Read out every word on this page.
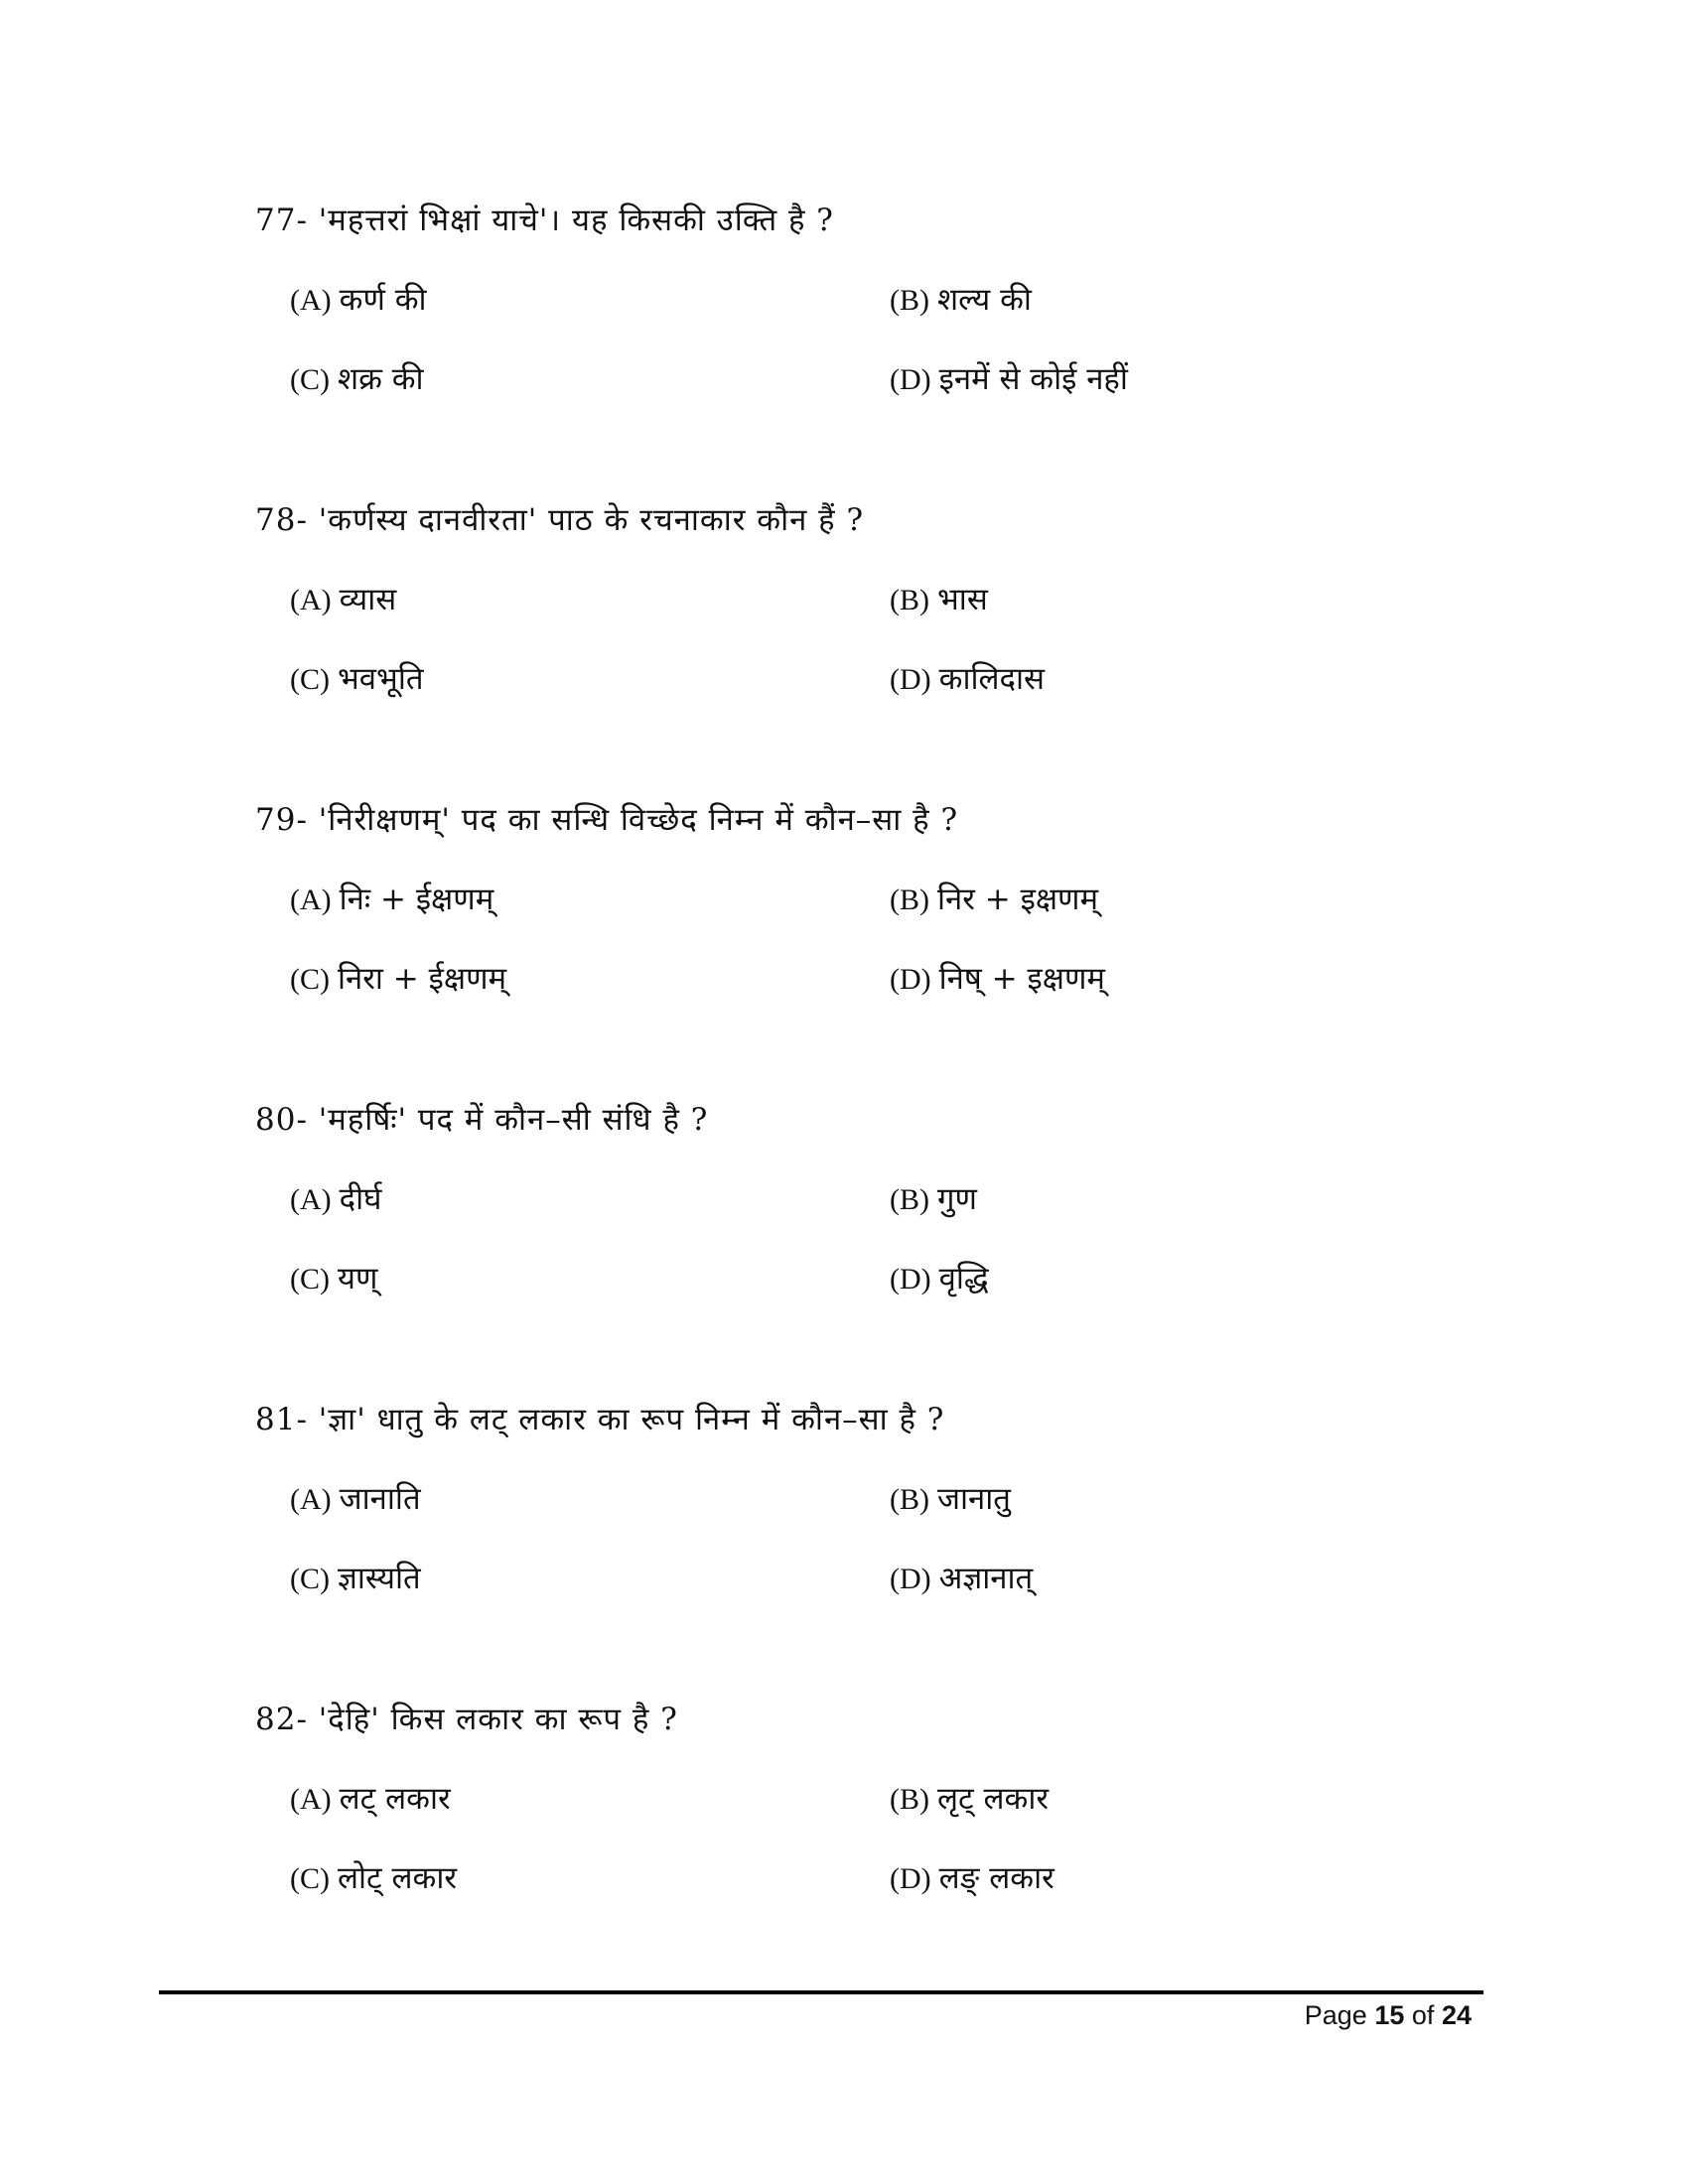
77- 'महत्तरां भिक्षां याचे'। यह किसकी उक्ति है ?
(A) कर्ण की	(B) शल्य की
(C) शक्र की	(D) इनमें से कोई नहीं
78- 'कर्णस्य दानवीरता' पाठ के रचनाकार कौन हैं ?
(A) व्यास	(B) भास
(C) भवभूति	(D) कालिदास
79- 'निरीक्षणम्' पद का सन्धि विच्छेद निम्न में कौन–सा है ?
(A) निः + ईक्षणम्	(B) निर + इक्षणम्
(C) निरा + ईक्षणम्	(D) निष् + इक्षणम्
80- 'महर्षिः' पद में कौन–सी संधि है ?
(A) दीर्घ	(B) गुण
(C) यण्	(D) वृद्धि
81- 'ज्ञा' धातु के लट् लकार का रूप निम्न में कौन–सा है ?
(A) जानाति	(B) जानातु
(C) ज्ञास्यति	(D) अज्ञानात्
82- 'देहि' किस लकार का रूप है ?
(A) लट् लकार	(B) लृट् लकार
(C) लोट् लकार	(D) लङ् लकार
Page 15 of 24
